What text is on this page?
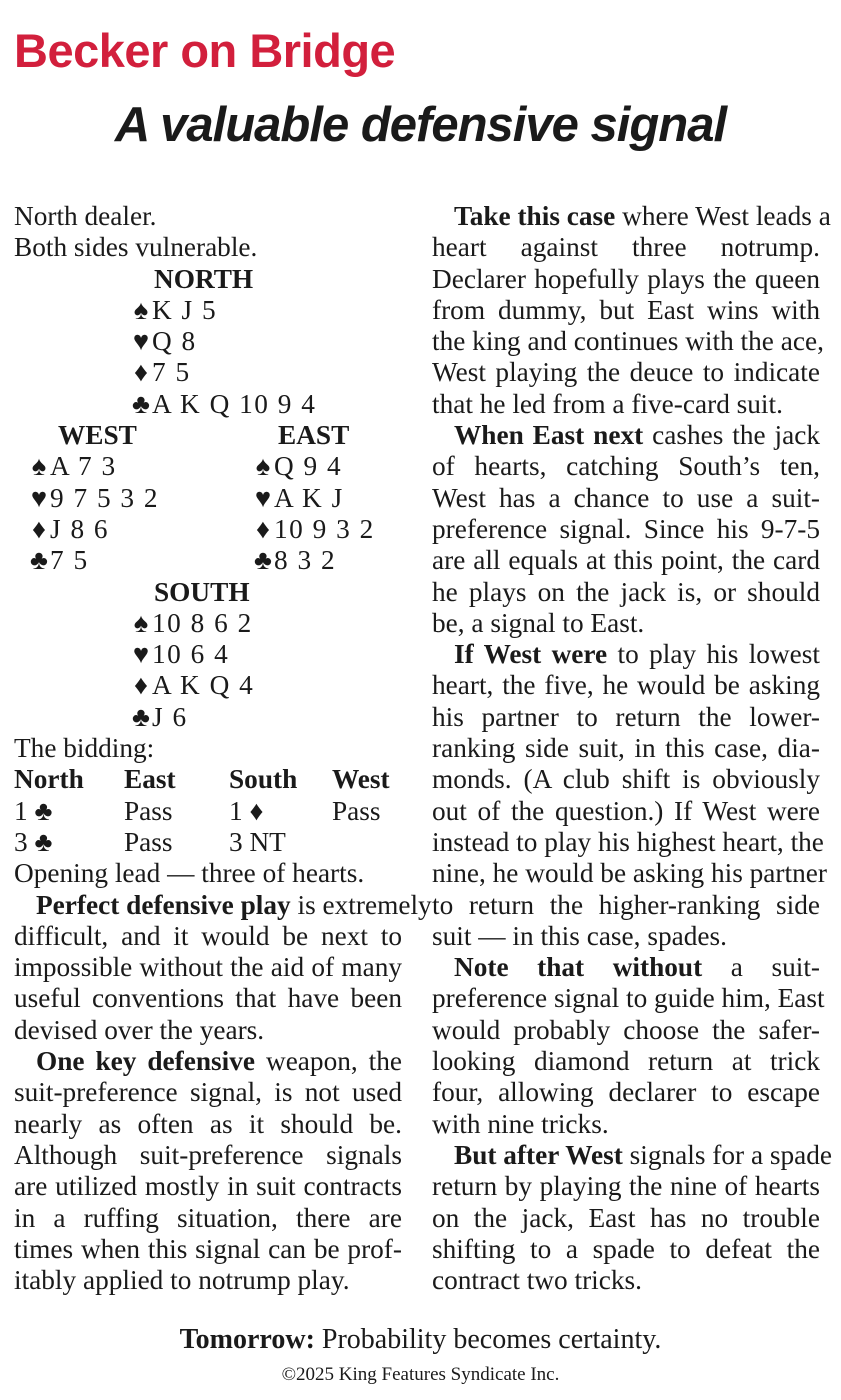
Becker on Bridge
A valuable defensive signal
North dealer.
Both sides vulnerable.
NORTH
♠ K J 5
♥ Q 8
♦ 7 5
♣A K Q 10 9 4
WEST
♠ A 7 3
♥ 9 7 5 3 2
♦ J 8 6
♣7 5
EAST
♠ Q 9 4
♥ A K J
♦ 10 9 3 2
♣8 3 2
SOUTH
♠ 10 8 6 2
♥ 10 6 4
♦ A K Q 4
♣J 6
The bidding:
North East South West
1 ♣	Pass 1 ♦	Pass
3 ♣	Pass 3 NT
Opening lead — three of hearts.
Perfect defensive play is extremely
difficult, and it would be next to
impossible without the aid of many
useful conventions that have been
devised over the years.
One key defensive weapon, the
suit-preference signal, is not used
nearly as often as it should be.
Although suit-preference signals
are utilized mostly in suit contracts
in a ruffing situation, there are
times when this signal can be prof-
itably applied to notrump play.
Take this case where West leads a
heart against three notrump.
Declarer hopefully plays the queen
from dummy, but East wins with
the king and continues with the ace,
West playing the deuce to indicate
that he led from a five-card suit.
When East next cashes the jack
of hearts, catching South’s ten,
West has a chance to use a suit-
preference signal. Since his 9-7-5
are all equals at this point, the card
he plays on the jack is, or should
be, a signal to East.
If West were to play his lowest
heart, the five, he would be asking
his partner to return the lower-
ranking side suit, in this case, dia-
monds. (A club shift is obviously
out of the question.) If West were
instead to play his highest heart, the
nine, he would be asking his partner
to return the higher-ranking side
suit — in this case, spades.
Note that without a suit-
preference signal to guide him, East
would probably choose the safer-
looking diamond return at trick
four, allowing declarer to escape
with nine tricks.
But after West signals for a spade
return by playing the nine of hearts
on the jack, East has no trouble
shifting to a spade to defeat the
contract two tricks.
Tomorrow: Probability becomes certainty.
©2025 King Features Syndicate Inc.
